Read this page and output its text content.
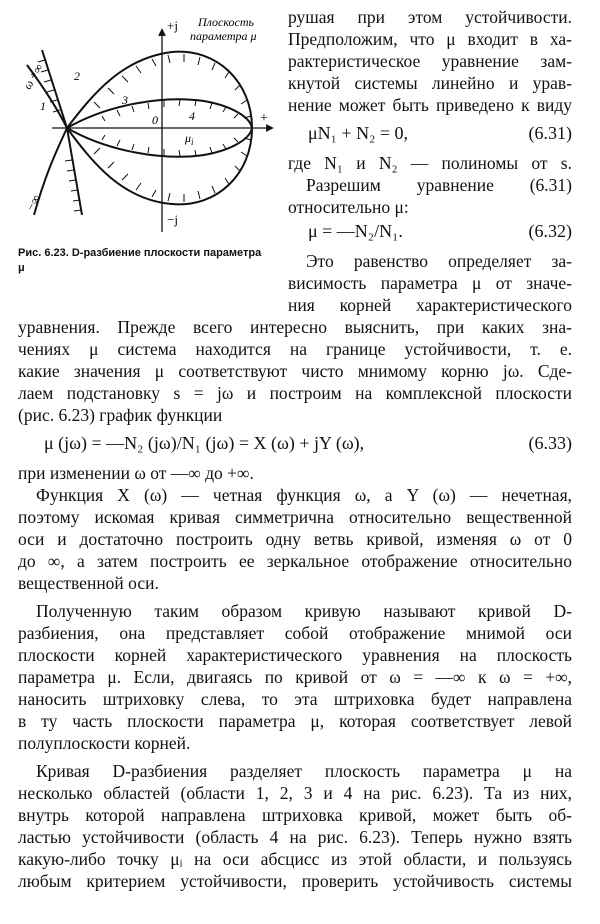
Плоскость
параметра μ
+j
−j
+
0
$\mu_i$
1
2
3
4
ω+∞
−∞
Рис. 6.23. D-разбиение плоскости параметра μ
рушая при этом устойчивости.
Предположим, что μ входит в ха-
рактеристическое уравнение зам-
кнутой системы линейно и урав-
нение может быть приведено к виду
μN₁ + N₂ = 0,	(6.31)
где N₁ и N₂ — полиномы от s.
Разрешим уравнение (6.31)
относительно μ:
μ = —N₂/N₁.	(6.32)
Это равенство определяет за-
висимость параметра μ от значе-
ния корней характеристического
уравнения. Прежде всего интересно выяснить, при каких зна-
чениях μ система находится на границе устойчивости, т. е.
какие значения μ соответствуют чисто мнимому корню jω. Сде-
лаем подстановку s = jω и построим на комплексной плоскости
(рис. 6.23) график функции
μ (jω) = —N₂ (jω)/N₁ (jω) = X (ω) + jY (ω),	(6.33)
при изменении ω от —∞ до +∞.
Функция X (ω) — четная функция ω, а Y (ω) — нечетная,
поэтому искомая кривая симметрична относительно вещественной
оси и достаточно построить одну ветвь кривой, изменяя ω от 0
до ∞, а затем построить ее зеркальное отображение относительно
вещественной оси.
Полученную таким образом кривую называют кривой D-
разбиения, она представляет собой отображение мнимой оси
плоскости корней характеристического уравнения на плоскость
параметра μ. Если, двигаясь по кривой от ω = —∞ к ω = +∞,
наносить штриховку слева, то эта штриховка будет направлена
в ту часть плоскости параметра μ, которая соответствует левой
полуплоскости корней.
Кривая D-разбиения разделяет плоскость параметра μ на
несколько областей (области 1, 2, 3 и 4 на рис. 6.23). Та из них,
внутрь которой направлена штриховка кривой, может быть об-
ластью устойчивости (область 4 на рис. 6.23). Теперь нужно взять
какую-либо точку μᵢ на оси абсцисс из этой области, и пользуясь
любым критерием устойчивости, проверить устойчивость системы
